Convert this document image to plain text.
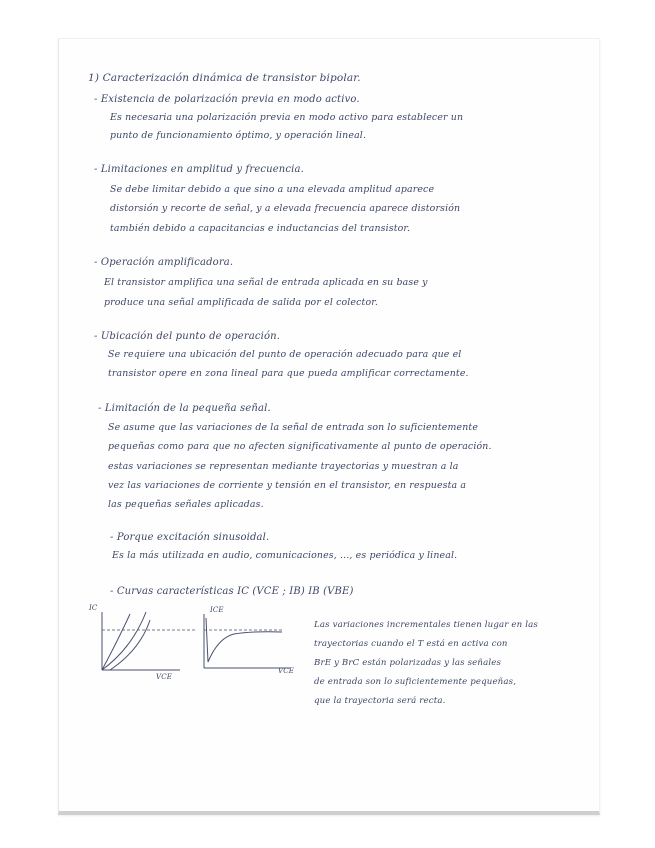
1) Caracterización dinámica de transistor bipolar.
- Existencia de polarización previa en modo activo.
Es necesaria una polarización previa en modo activo para establecer un
punto de funcionamiento óptimo, y operación lineal.
- Limitaciones en amplitud y frecuencia.
Se debe limitar debido a que sino a una elevada amplitud aparece
distorsión y recorte de señal, y a elevada frecuencia aparece distorsión
también debido a capacitancias e inductancias del transistor.
- Operación amplificadora.
El transistor amplifica una señal de entrada aplicada en su base y
produce una señal amplificada de salida por el colector.
- Ubicación del punto de operación.
Se requiere una ubicación del punto de operación adecuado para que el
transistor opere en zona lineal para que pueda amplificar correctamente.
- Limitación de la pequeña señal.
Se asume que las variaciones de la señal de entrada son lo suficientemente
pequeñas como para que no afecten significativamente al punto de operación.
estas variaciones se representan mediante trayectorias y muestran a la
vez las variaciones de corriente y tensión en el transistor, en respuesta a
las pequeñas señales aplicadas.
- Porque excitación sinusoidal.
Es la más utilizada en audio, comunicaciones, ..., es periódica y lineal.
- Curvas características IC (VCE ; IB) IB (VBE)
IC
VCE
ICE
VCE
Las variaciones incrementales tienen lugar en las
trayectorias cuando el T está en activa con
BrE y BrC están polarizadas y las señales
de entrada son lo suficientemente pequeñas,
que la trayectoria será recta.
